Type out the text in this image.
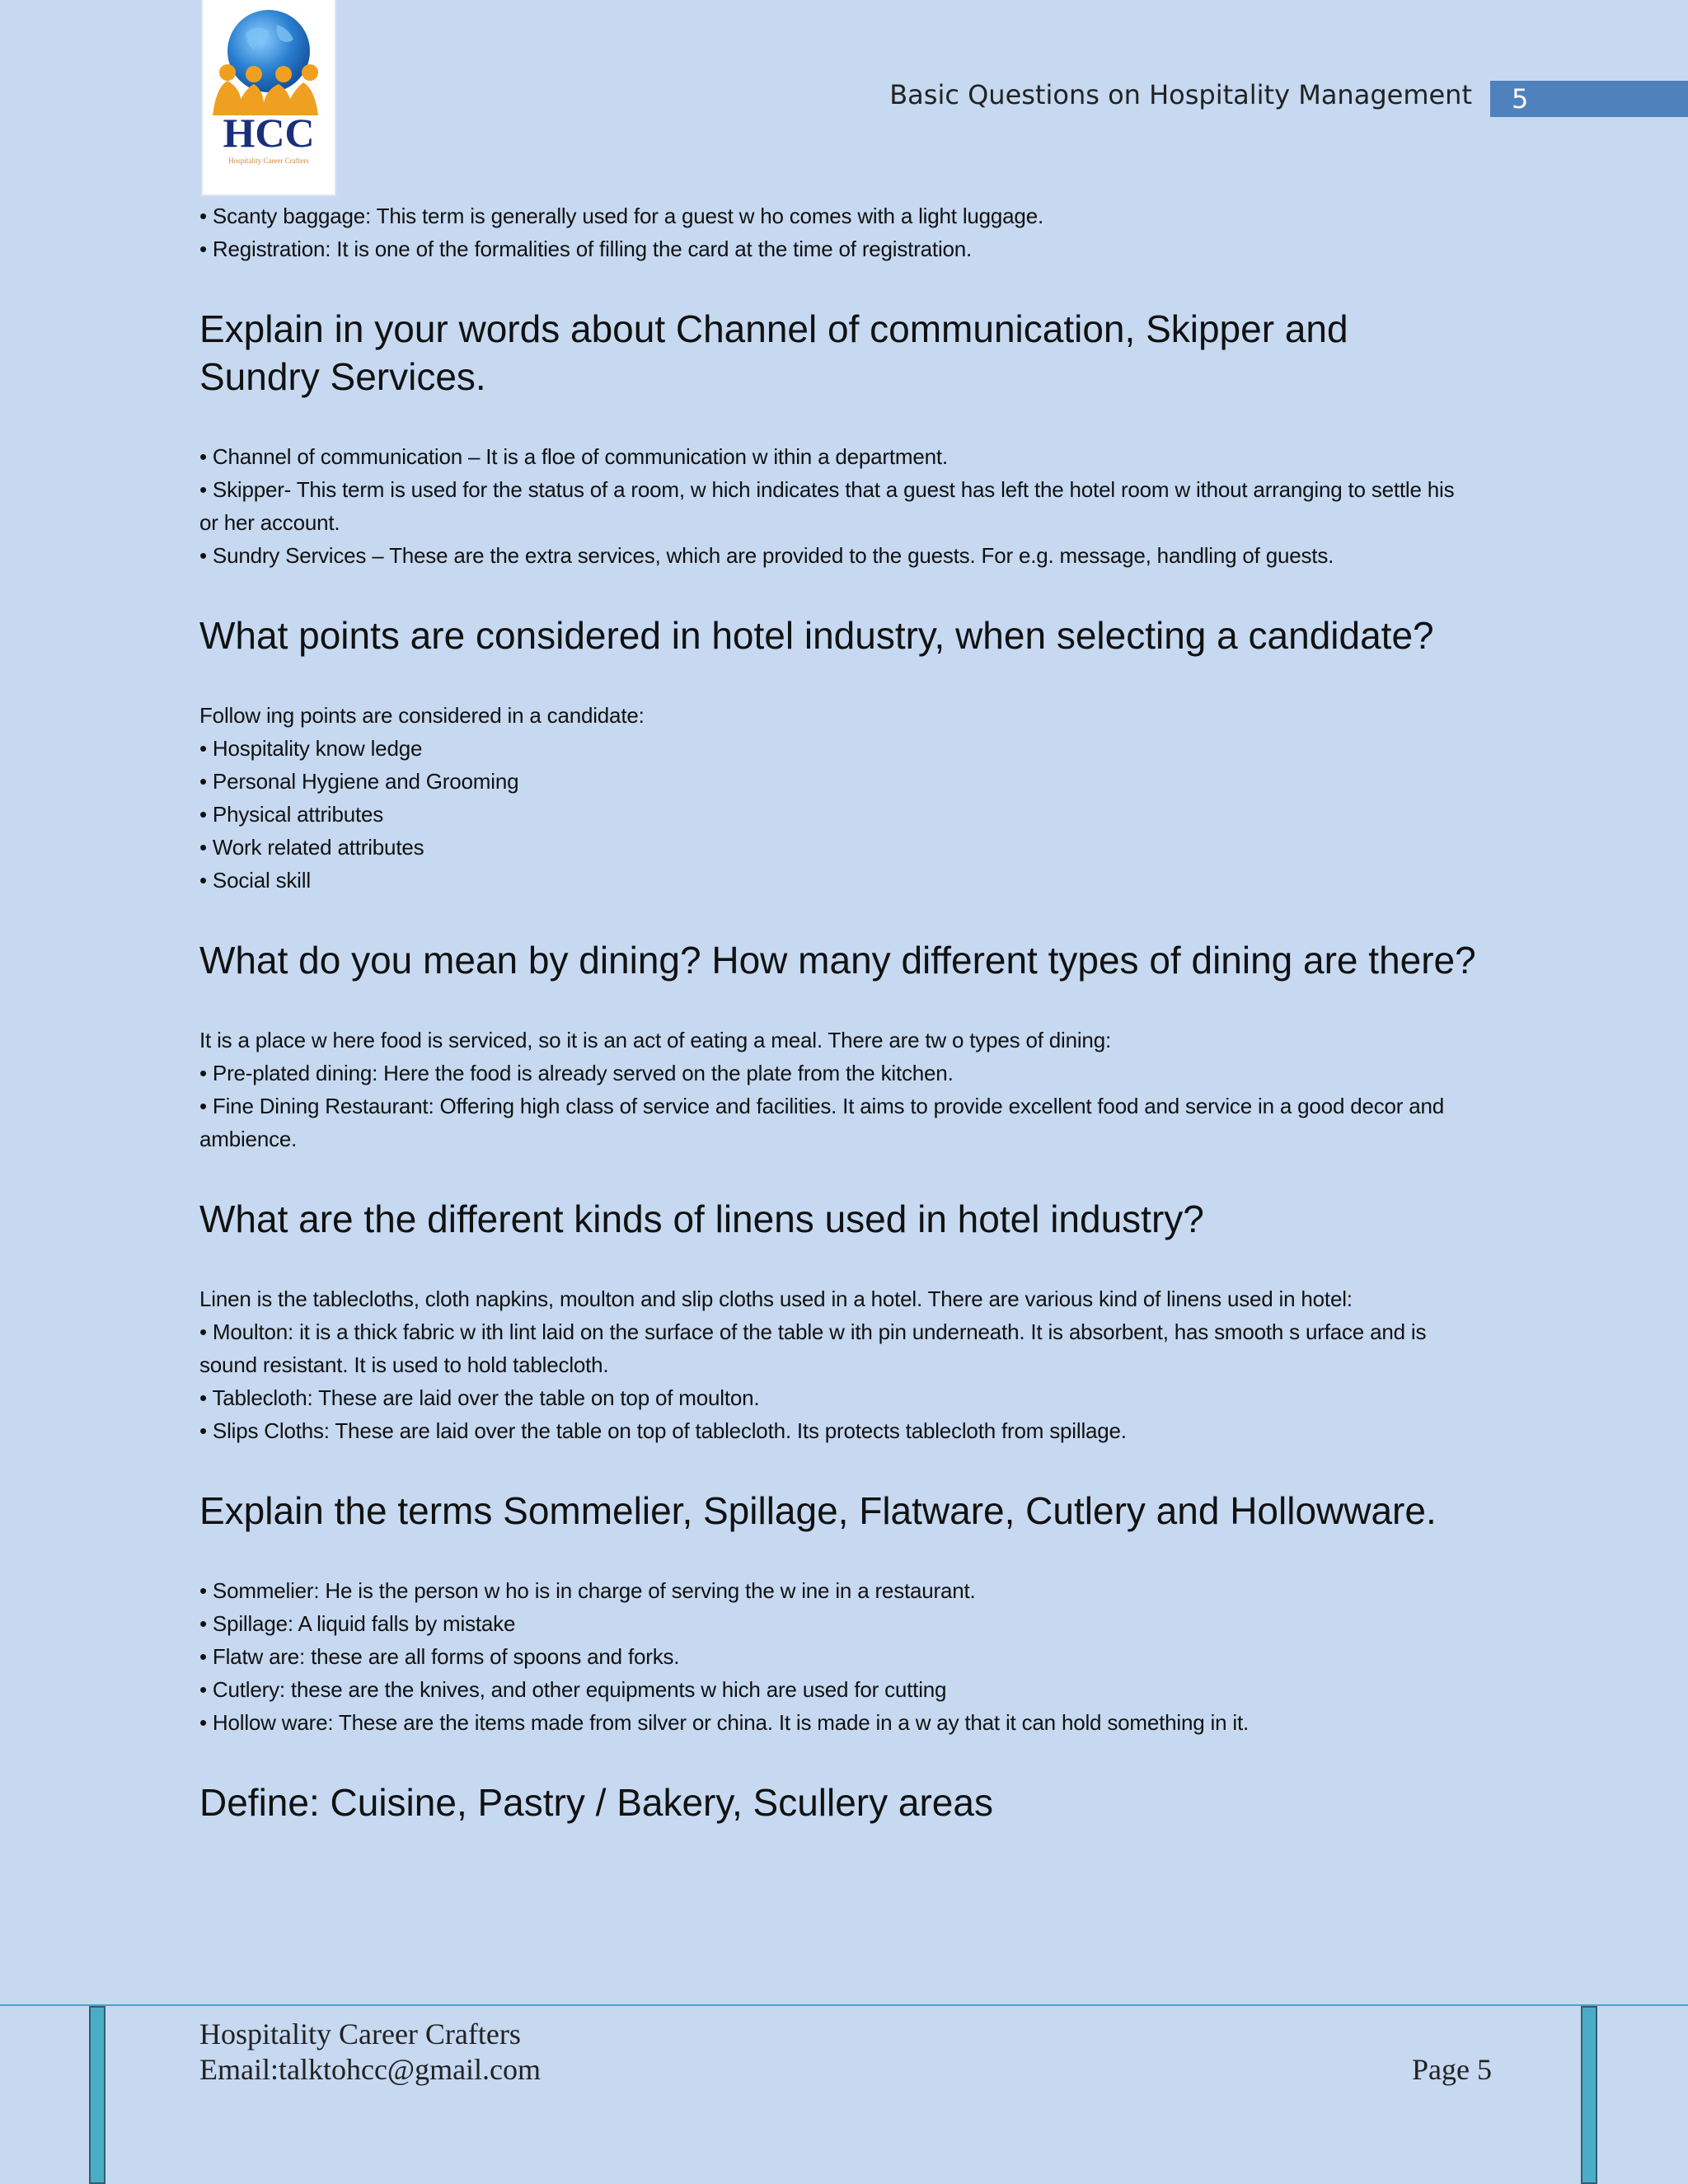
HCC
Hospitality Career Crafters
Basic Questions on Hospitality Management	5

• Scanty baggage: This term is generally used for a guest w ho comes with a light luggage.

• Registration: It is one of the formalities of filling the card at the time of registration.

Explain in your words about Channel of communication, Skipper and Sundry Services.

• Channel of communication – It is a floe of communication w ithin a department.

• Skipper- This term is used for the status of a room, w hich indicates that a guest has left the hotel room w ithout arranging to settle his or her account.

• Sundry Services – These are the extra services, which are provided to the guests. For e.g. message, handling of guests.

What points are considered in hotel industry, when selecting a candidate?

Follow ing points are considered in a candidate:

• Hospitality know ledge

• Personal Hygiene and Grooming

• Physical attributes

• Work related attributes

• Social skill

What do you mean by dining? How many different types of dining are there?

It is a place w here food is serviced, so it is an act of eating a meal. There are tw o types of dining:

• Pre-plated dining: Here the food is already served on the plate from the kitchen.

• Fine Dining Restaurant: Offering high class of service and facilities. It aims to provide excellent food and service in a good decor and ambience.

What are the different kinds of linens used in hotel industry?

Linen is the tablecloths, cloth napkins, moulton and slip cloths used in a hotel. There are various kind of linens used in hotel:

• Moulton: it is a thick fabric w ith lint laid on the surface of the table w ith pin underneath. It is absorbent, has smooth s urface and is sound resistant. It is used to hold tablecloth.

• Tablecloth: These are laid over the table on top of moulton.

• Slips Cloths: These are laid over the table on top of tablecloth. Its protects tablecloth from spillage.

Explain the terms Sommelier, Spillage, Flatware, Cutlery and Hollowware.

• Sommelier: He is the person w ho is in charge of serving the w ine in a restaurant.

• Spillage: A liquid falls by mistake

• Flatw are: these are all forms of spoons and forks.

• Cutlery: these are the knives, and other equipments w hich are used for cutting

• Hollow ware: These are the items made from silver or china. It is made in a w ay that it can hold something in it.

Define: Cuisine, Pastry / Bakery, Scullery areas
Hospitality Career Crafters
Email:talktohcc@gmail.com	Page 5
